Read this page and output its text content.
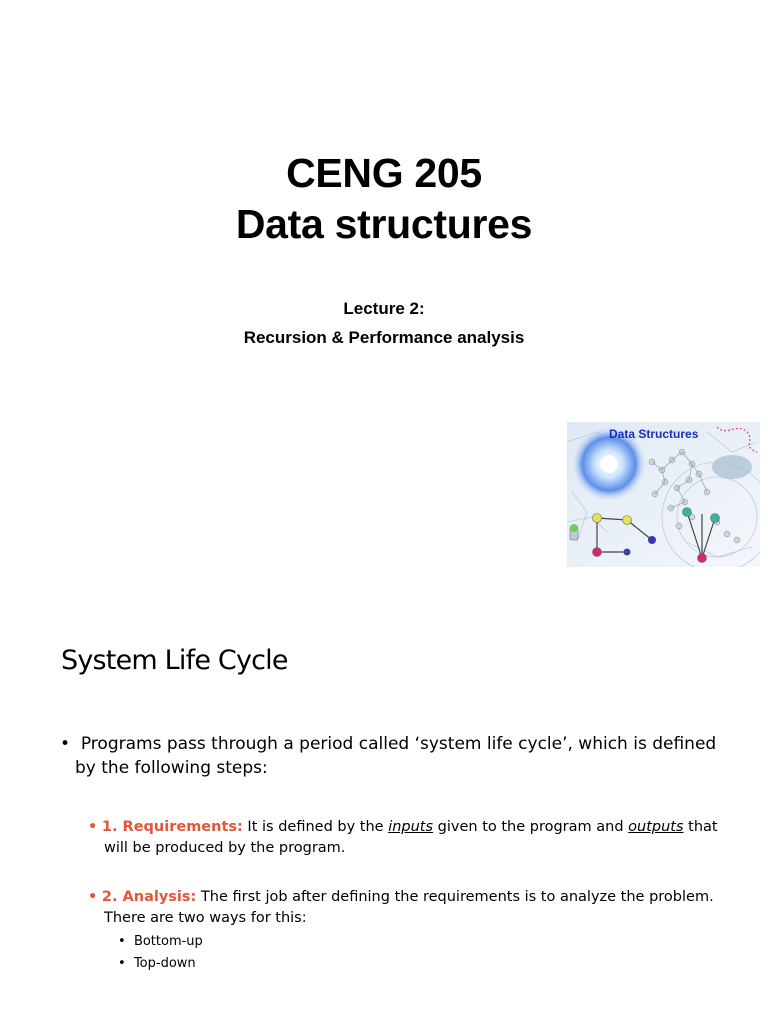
CENG 205
Data structures
Lecture 2:
Recursion & Performance analysis
Data Structures
System Life Cycle
•  Programs pass through a period called ‘system life cycle’, which is defined by the following steps:
• 1. Requirements: It is defined by the inputs given to the program and outputs that will be produced by the program.
• 2. Analysis: The first job after defining the requirements is to analyze the problem. There are two ways for this:
•  Bottom-up
•  Top-down
